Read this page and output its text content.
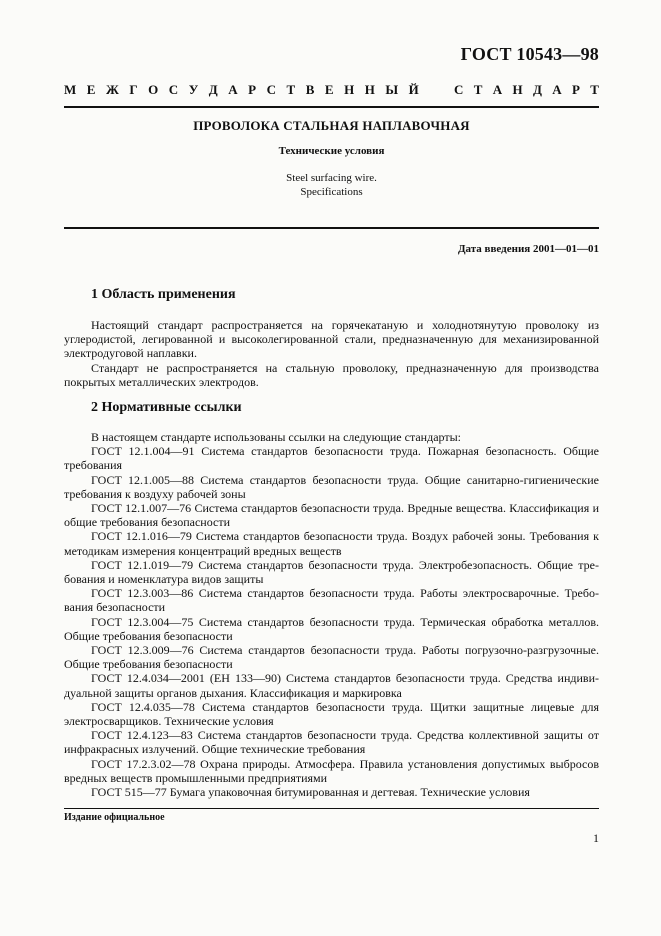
ГОСТ 10543—98
М Е Ж Г О С У Д А Р С Т В Е Н Н Ы Й	С Т А Н Д А Р Т
ПРОВОЛОКА СТАЛЬНАЯ НАПЛАВОЧНАЯ
Технические условия
Steel surfacing wire.
Specifications
Дата введения 2001—01—01
1 Область применения

Настоящий стандарт распространяется на горячекатаную и холоднотянутую проволоку из углеродистой, легированной и высоколегированной стали, предназначенную для механизированной электродуговой наплавки.

Стандарт не распространяется на стальную проволоку, предназначенную для производства покрытых металлических электродов.

2 Нормативные ссылки

В настоящем стандарте использованы ссылки на следующие стандарты:

ГОСТ 12.1.004—91 Система стандартов безопасности труда. Пожарная безопасность. Общие требования

ГОСТ 12.1.005—88 Система стандартов безопасности труда. Общие санитарно-гигиенические требования к воздуху рабочей зоны

ГОСТ 12.1.007—76 Система стандартов безопасности труда. Вредные вещества. Классификация и общие требования безопасности

ГОСТ 12.1.016—79 Система стандартов безопасности труда. Воздух рабочей зоны. Требования к методикам измерения концентраций вредных веществ

ГОСТ 12.1.019—79 Система стандартов безопасности труда. Электробезопасность. Общие требования и номенклатура видов защиты

ГОСТ 12.3.003—86 Система стандартов безопасности труда. Работы электросварочные. Требования безопасности

ГОСТ 12.3.004—75 Система стандартов безопасности труда. Термическая обработка металлов. Общие требования безопасности

ГОСТ 12.3.009—76 Система стандартов безопасности труда. Работы погрузочно-разгрузочные. Общие требования безопасности

ГОСТ 12.4.034—2001 (ЕН 133—90) Система стандартов безопасности труда. Средства индивидуальной защиты органов дыхания. Классификация и маркировка

ГОСТ 12.4.035—78 Система стандартов безопасности труда. Щитки защитные лицевые для электросварщиков. Технические условия

ГОСТ 12.4.123—83 Система стандартов безопасности труда. Средства коллективной защиты от инфракрасных излучений. Общие технические требования

ГОСТ 17.2.3.02—78 Охрана природы. Атмосфера. Правила установления допустимых выбросов вредных веществ промышленными предприятиями

ГОСТ 515—77 Бумага упаковочная битумированная и дегтевая. Технические условия

Издание официальное
1
